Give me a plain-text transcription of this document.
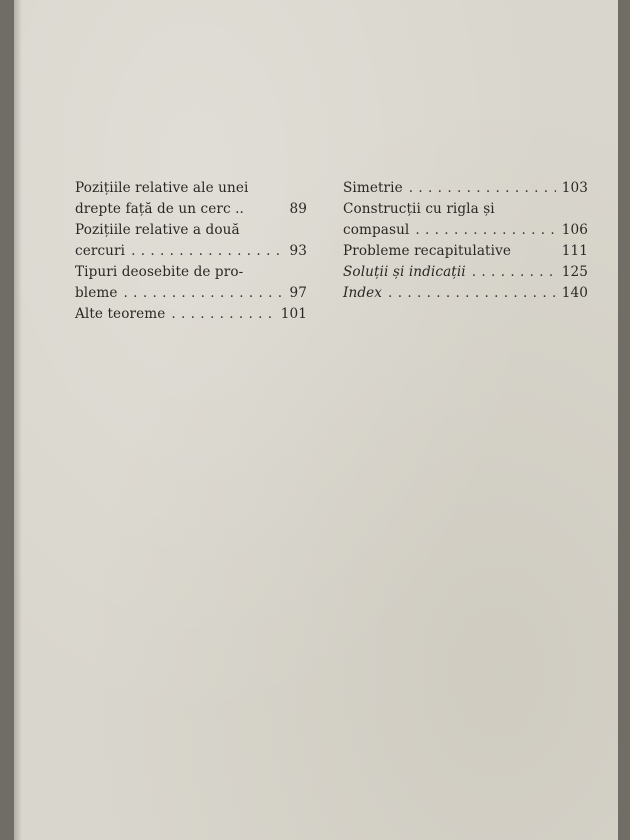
Pozițiile relative ale unei
drepte față de un cerc ..	89
Pozițiile relative a două
cercuri . . .	93
Tipuri deosebite de pro-
bleme . . .	97
Alte teoreme . . .	101
Simetrie . . .	103
Construcții cu rigla și
compasul . . .	106
Probleme recapitulative	111
Soluții și indicații . . .	125
Index . . .	140
